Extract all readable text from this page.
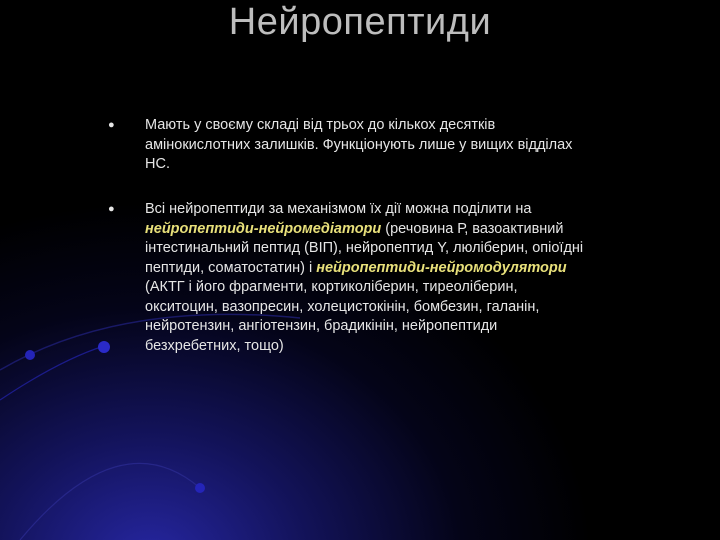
Нейропептиди
●	Мають у своєму складі від трьох до кількох десятків амінокислотних залишків. Функціонують лише у вищих відділах НС.
●	Всі нейропептиди за механізмом їх дії можна поділити на нейропептиди-нейромедіатори (речовина Р, вазоактивний інтестинальний пептид (ВІП), нейропептид Y, люліберин, опіоїдні пептиди, соматостатин) і нейропептиди-нейромодулятори (АКТГ і його фрагменти, кортиколіберин, тиреоліберин, окситоцин, вазопресин, холецистокінін, бомбезин, галанін, нейротензин, ангіотензин, брадикінін, нейропептиди безхребетних, тощо)
